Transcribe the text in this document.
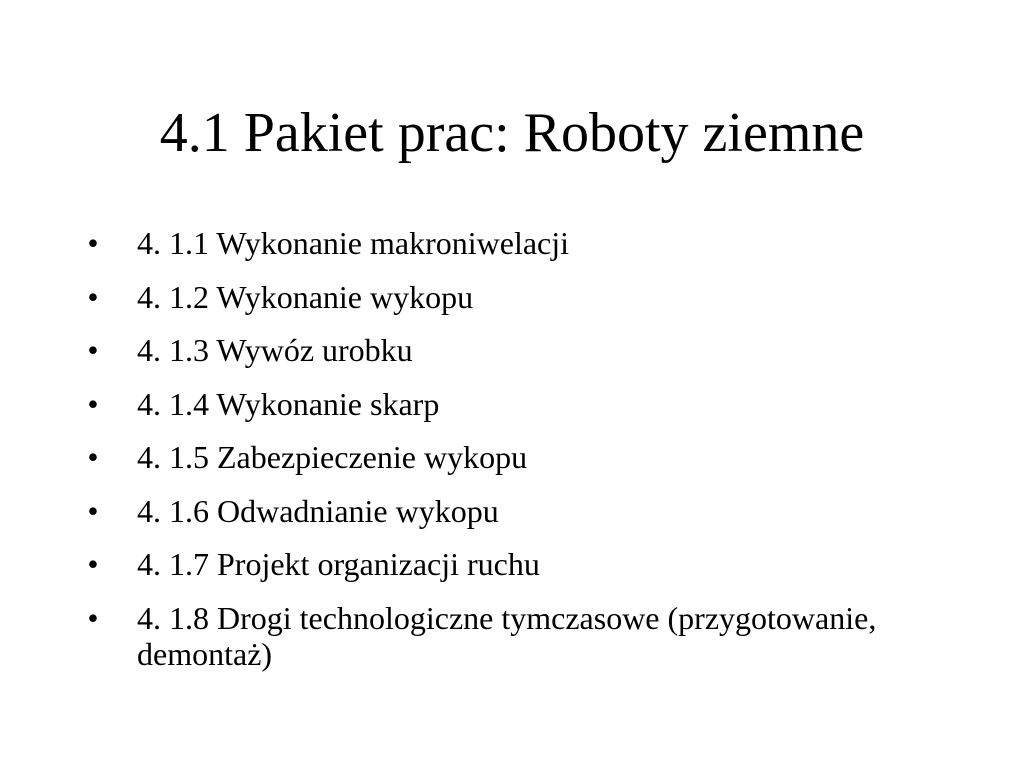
4.1 Pakiet prac: Roboty ziemne
• 4. 1.1 Wykonanie makroniwelacji
• 4. 1.2 Wykonanie wykopu
• 4. 1.3 Wywóz urobku
• 4. 1.4 Wykonanie skarp
• 4. 1.5 Zabezpieczenie wykopu
• 4. 1.6 Odwadnianie wykopu
• 4. 1.7 Projekt organizacji ruchu
• 4. 1.8 Drogi technologiczne tymczasowe (przygotowanie, demontaż)
